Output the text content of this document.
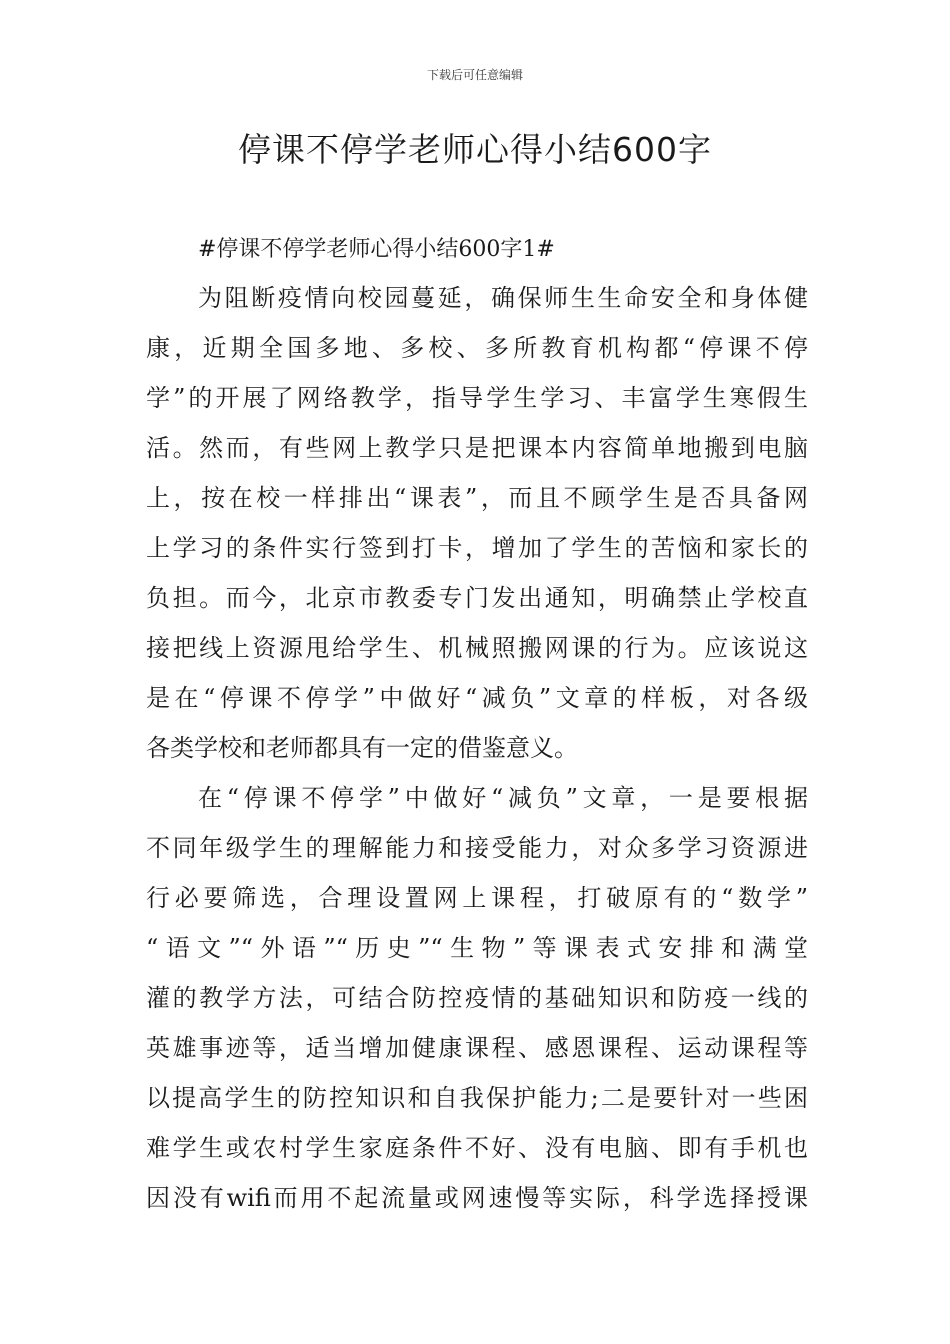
下载后可任意编辑
停课不停学老师心得小结600字
#停课不停学老师心得小结600字1#
为阻断疫情向校园蔓延，确保师生生命安全和身体健
康，近期全国多地、多校、多所教育机构都“停课不停
学”的开展了网络教学，指导学生学习、丰富学生寒假生
活。然而，有些网上教学只是把课本内容简单地搬到电脑
上，按在校一样排出“课表”，而且不顾学生是否具备网
上学习的条件实行签到打卡，增加了学生的苦恼和家长的
负担。而今，北京市教委专门发出通知，明确禁止学校直
接把线上资源甩给学生、机械照搬网课的行为。应该说这
是在“停课不停学”中做好“减负”文章的样板，对各级
各类学校和老师都具有一定的借鉴意义。
在“停课不停学”中做好“减负”文章，一是要根据
不同年级学生的理解能力和接受能力，对众多学习资源进
行必要筛选，合理设置网上课程，打破原有的“数学”
“语文”“外语”“历史”“生物”等课表式安排和满堂
灌的教学方法，可结合防控疫情的基础知识和防疫一线的
英雄事迹等，适当增加健康课程、感恩课程、运动课程等
以提高学生的防控知识和自我保护能力;二是要针对一些困
难学生或农村学生家庭条件不好、没有电脑、即有手机也
因没有wifi而用不起流量或网速慢等实际，科学选择授课
